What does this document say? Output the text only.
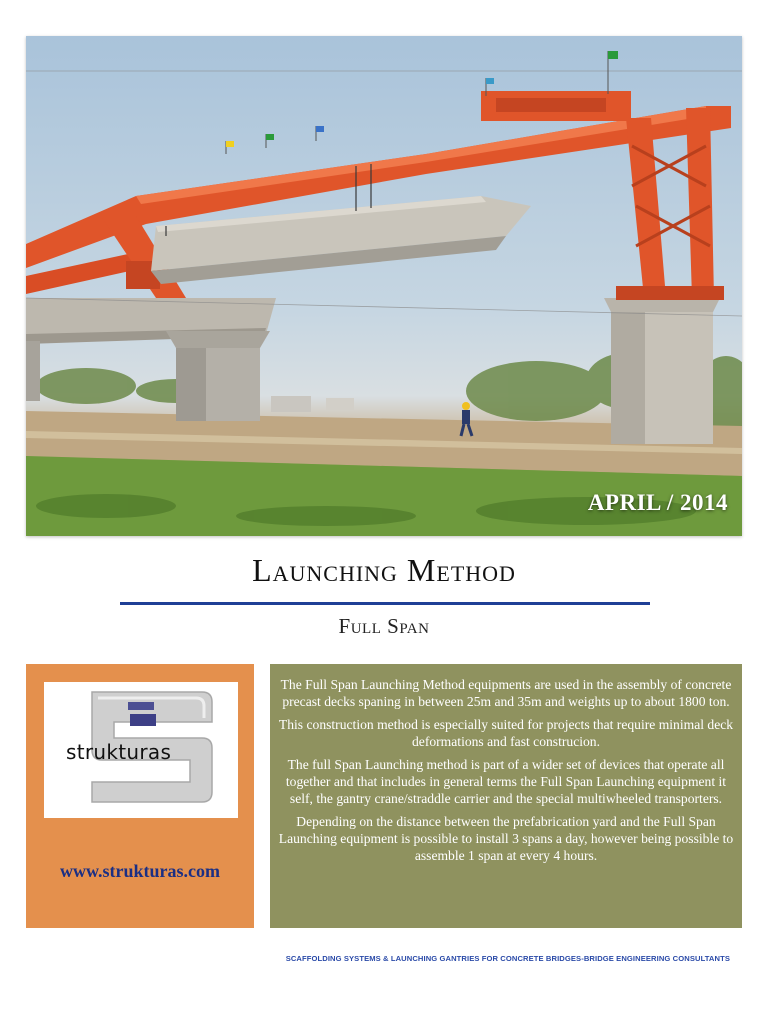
APRIL / 2014
Launching Method
Full Span
strukturas
www.strukturas.com

The Full Span Launching Method equipments are used in the assembly of concrete precast decks spaning in between 25m and 35m and weights up to about 1800 ton.

This construction method is especially suited for projects that require minimal deck deformations and fast construcion.

The full Span Launching method is part of a wider set of devices that operate all together and that includes in general terms the Full Span Launching equipment it self, the gantry crane/straddle carrier and the special multiwheeled transporters.

Depending on the distance between the prefabrication yard and the Full Span Launching equipment is possible to install 3 spans a day, however being possible to assemble 1 span at every 4 hours.

SCAFFOLDING SYSTEMS & LAUNCHING GANTRIES FOR CONCRETE BRIDGES-BRIDGE ENGINEERING CONSULTANTS
